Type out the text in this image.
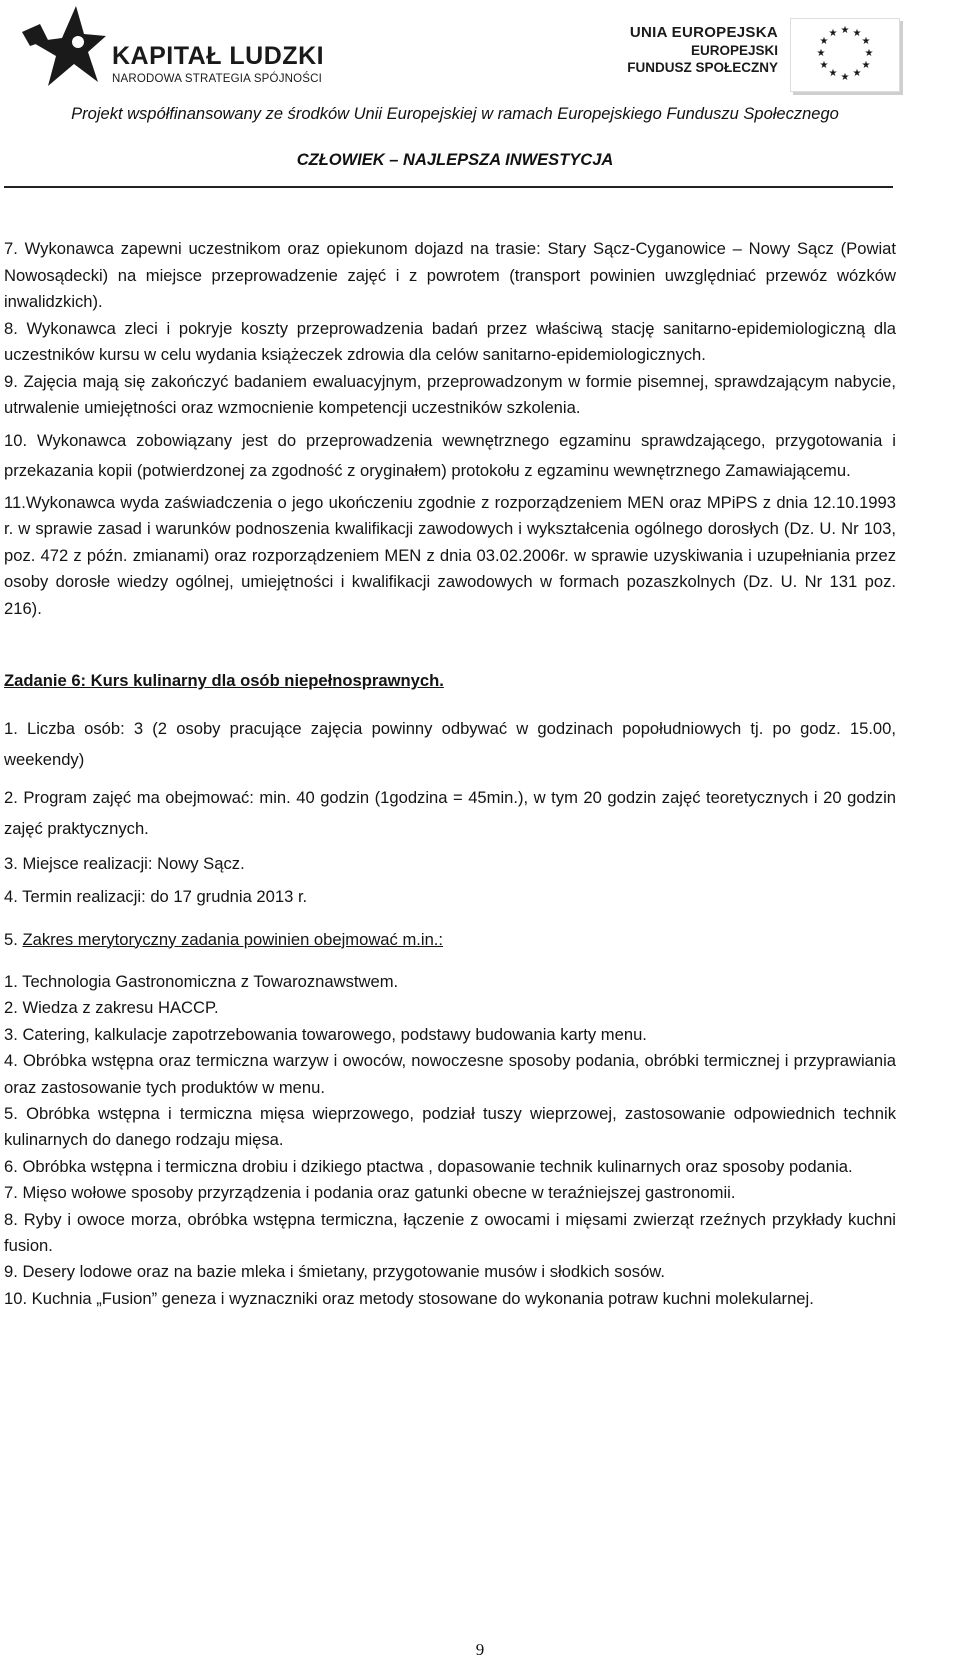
KAPITAŁ LUDZKI
NARODOWA STRATEGIA SPÓJNOŚCI
UNIA EUROPEJSKA
EUROPEJSKI
FUNDUSZ SPOŁECZNY
★ ★
★
★
★
★
★
★
★
★
★
★
Projekt współfinansowany ze środków Unii Europejskiej w ramach Europejskiego Funduszu Społecznego
CZŁOWIEK – NAJLEPSZA INWESTYCJA

7. Wykonawca zapewni uczestnikom oraz opiekunom dojazd na trasie: Stary Sącz-Cyganowice – Nowy Sącz (Powiat Nowosądecki) na miejsce przeprowadzenie zajęć i z powrotem (transport powinien uwzględniać przewóz wózków inwalidzkich).

8. Wykonawca zleci i pokryje koszty przeprowadzenia badań przez właściwą stację sanitarno-epidemiologiczną dla uczestników kursu w celu wydania książeczek zdrowia dla celów sanitarno-epidemiologicznych.

9. Zajęcia mają się zakończyć badaniem ewaluacyjnym, przeprowadzonym w formie pisemnej, sprawdzającym nabycie, utrwalenie umiejętności oraz wzmocnienie kompetencji uczestników szkolenia.

10. Wykonawca zobowiązany jest do przeprowadzenia wewnętrznego egzaminu sprawdzającego, przygotowania i przekazania kopii (potwierdzonej za zgodność z oryginałem) protokołu z egzaminu wewnętrznego Zamawiającemu.

11.Wykonawca wyda zaświadczenia o jego ukończeniu zgodnie z rozporządzeniem MEN oraz MPiPS z dnia 12.10.1993 r. w sprawie zasad i warunków podnoszenia kwalifikacji zawodowych i wykształcenia ogólnego dorosłych (Dz. U. Nr 103, poz. 472 z późn. zmianami) oraz rozporządzeniem MEN z dnia 03.02.2006r. w sprawie uzyskiwania i uzupełniania przez osoby dorosłe wiedzy ogólnej, umiejętności i kwalifikacji zawodowych w formach pozaszkolnych (Dz. U. Nr 131 poz. 216).

Zadanie 6: Kurs kulinarny dla osób niepełnosprawnych.

1. Liczba osób: 3 (2 osoby pracujące zajęcia powinny odbywać w godzinach popołudniowych tj. po godz. 15.00, weekendy)

2. Program zajęć ma obejmować: min. 40 godzin (1godzina = 45min.), w tym 20 godzin zajęć teoretycznych i 20 godzin zajęć praktycznych.

3. Miejsce realizacji: Nowy Sącz.

4. Termin realizacji: do 17 grudnia 2013 r.

5. Zakres merytoryczny zadania powinien obejmować m.in.:

1. Technologia Gastronomiczna z Towaroznawstwem.

2. Wiedza z zakresu HACCP.

3. Catering, kalkulacje zapotrzebowania towarowego, podstawy budowania karty menu.

4. Obróbka wstępna oraz termiczna warzyw i owoców, nowoczesne sposoby podania, obróbki termicznej i przyprawiania oraz zastosowanie tych produktów w menu.

5. Obróbka wstępna i termiczna mięsa wieprzowego, podział tuszy wieprzowej, zastosowanie odpowiednich technik kulinarnych do danego rodzaju mięsa.

6. Obróbka wstępna i termiczna drobiu i dzikiego ptactwa , dopasowanie technik kulinarnych oraz sposoby podania.

7. Mięso wołowe sposoby przyrządzenia i podania oraz gatunki obecne w teraźniejszej gastronomii.

8. Ryby i owoce morza, obróbka wstępna termiczna, łączenie z owocami i mięsami zwierząt rzeźnych przykłady kuchni fusion.

9. Desery lodowe oraz na bazie mleka i śmietany, przygotowanie musów i słodkich sosów.

10. Kuchnia „Fusion” geneza i wyznaczniki oraz metody stosowane do wykonania potraw kuchni molekularnej.

9
